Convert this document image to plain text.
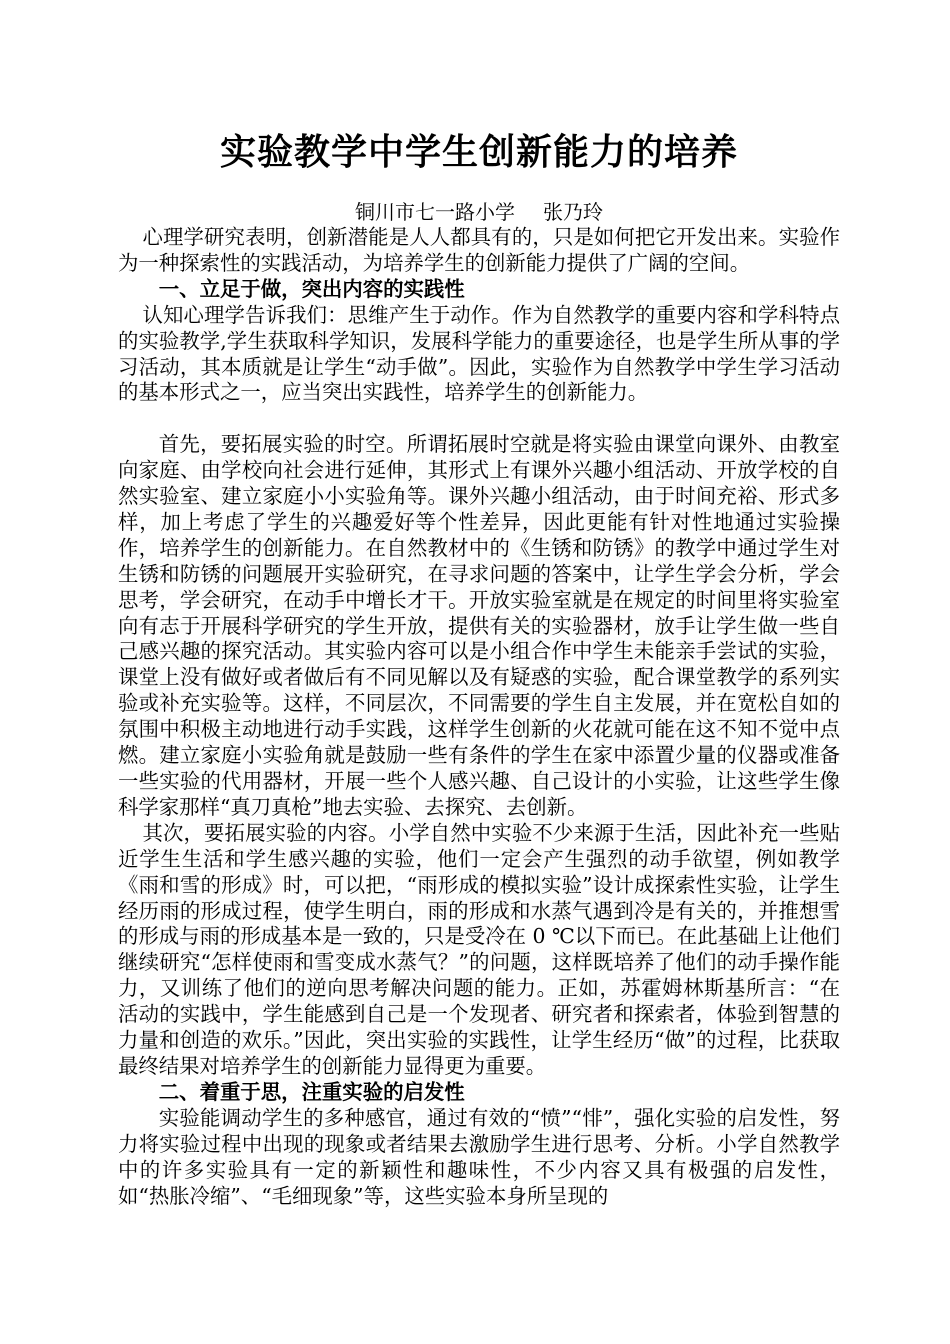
实验教学中学生创新能力的培养
铜川市七一路小学 张乃玲

心理学研究表明，创新潜能是人人都具有的，只是如何把它开发出来。实验作为一种探索性的实践活动，为培养学生的创新能力提供了广阔的空间。

一、立足于做，突出内容的实践性

认知心理学告诉我们：思维产生于动作。作为自然教学的重要内容和学科特点的实验教学,学生获取科学知识，发展科学能力的重要途径，也是学生所从事的学习活动，其本质就是让学生“动手做”。因此，实验作为自然教学中学生学习活动的基本形式之一，应当突出实践性，培养学生的创新能力。

首先，要拓展实验的时空。所谓拓展时空就是将实验由课堂向课外、由教室向家庭、由学校向社会进行延伸，其形式上有课外兴趣小组活动、开放学校的自然实验室、建立家庭小小实验角等。课外兴趣小组活动，由于时间充裕、形式多样，加上考虑了学生的兴趣爱好等个性差异，因此更能有针对性地通过实验操作，培养学生的创新能力。在自然教材中的《生锈和防锈》的教学中通过学生对生锈和防锈的问题展开实验研究，在寻求问题的答案中，让学生学会分析，学会思考，学会研究，在动手中增长才干。开放实验室就是在规定的时间里将实验室向有志于开展科学研究的学生开放，提供有关的实验器材，放手让学生做一些自己感兴趣的探究活动。其实验内容可以是小组合作中学生未能亲手尝试的实验，课堂上没有做好或者做后有不同见解以及有疑惑的实验，配合课堂教学的系列实验或补充实验等。这样，不同层次，不同需要的学生自主发展，并在宽松自如的氛围中积极主动地进行动手实践，这样学生创新的火花就可能在这不知不觉中点燃。建立家庭小实验角就是鼓励一些有条件的学生在家中添置少量的仪器或准备一些实验的代用器材，开展一些个人感兴趣、自己设计的小实验，让这些学生像科学家那样“真刀真枪”地去实验、去探究、去创新。

其次，要拓展实验的内容。小学自然中实验不少来源于生活，因此补充一些贴近学生生活和学生感兴趣的实验，他们一定会产生强烈的动手欲望，例如教学《雨和雪的形成》时，可以把，“雨形成的模拟实验”设计成探索性实验，让学生经历雨的形成过程，使学生明白，雨的形成和水蒸气遇到冷是有关的，并推想雪的形成与雨的形成基本是一致的，只是受冷在 0 ℃以下而已。在此基础上让他们继续研究“怎样使雨和雪变成水蒸气？”的问题，这样既培养了他们的动手操作能力，又训练了他们的逆向思考解决问题的能力。正如，苏霍姆林斯基所言：“在活动的实践中，学生能感到自己是一个发现者、研究者和探索者，体验到智慧的力量和创造的欢乐。”因此，突出实验的实践性，让学生经历“做”的过程，比获取最终结果对培养学生的创新能力显得更为重要。

二、着重于思，注重实验的启发性

实验能调动学生的多种感官，通过有效的“愤”“悱”，强化实验的启发性，努力将实验过程中出现的现象或者结果去激励学生进行思考、分析。小学自然教学中的许多实验具有一定的新颖性和趣味性，不少内容又具有极强的启发性，如“热胀冷缩”、“毛细现象”等，这些实验本身所呈现的
